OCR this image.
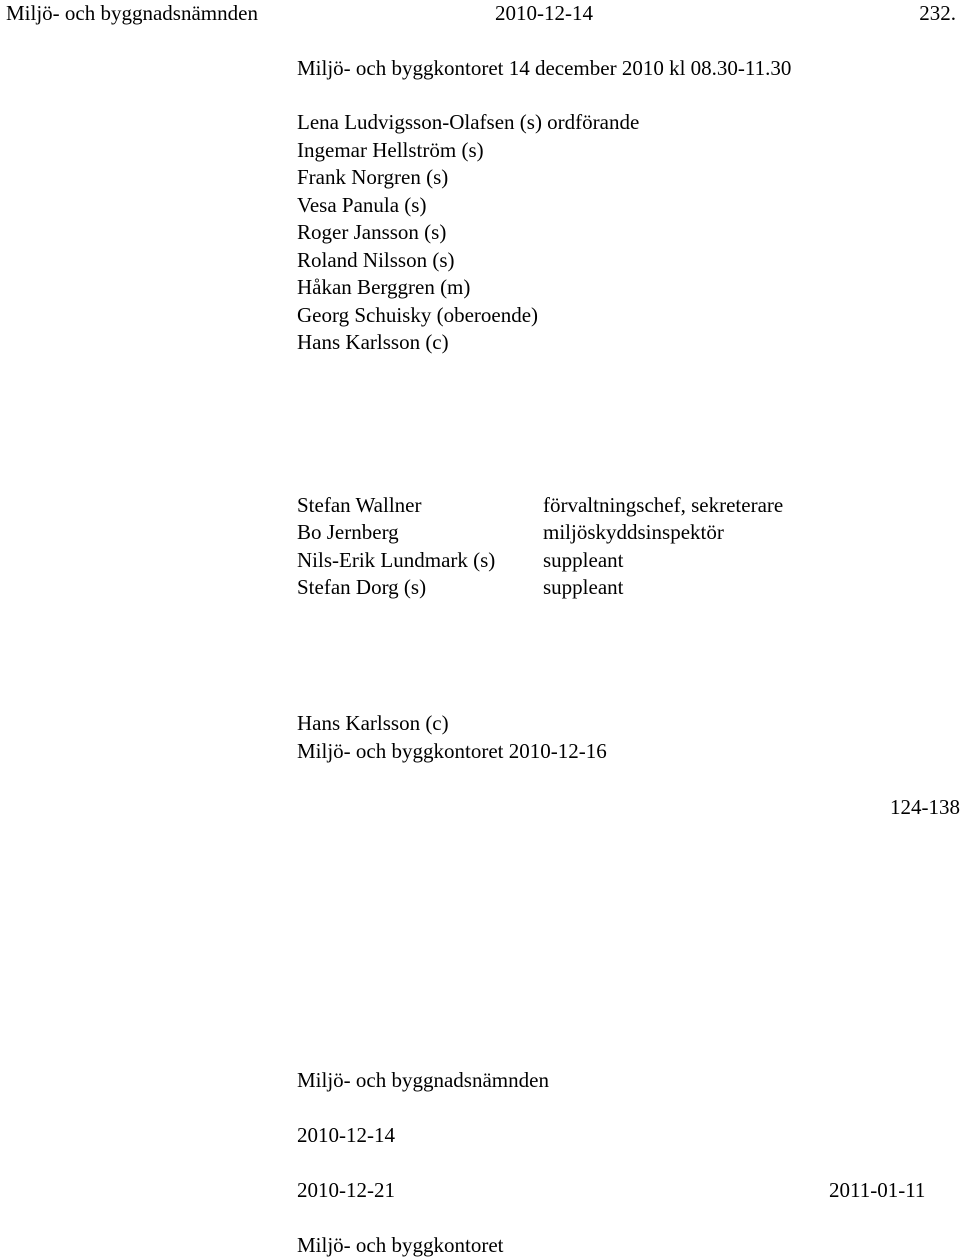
Miljö- och byggnadsnämnden	2010-12-14	232.
Miljö- och byggkontoret 14 december 2010 kl 08.30-11.30
Lena Ludvigsson-Olafsen (s) ordförande
Ingemar Hellström (s)
Frank Norgren (s)
Vesa Panula (s)
Roger Jansson (s)
Roland Nilsson (s)
Håkan Berggren (m)
Georg Schuisky (oberoende)
Hans Karlsson (c)
Stefan Wallner	förvaltningschef, sekreterare
Bo Jernberg	miljöskyddsinspektör
Nils-Erik Lundmark (s) suppleant
Stefan Dorg (s)	suppleant
Hans Karlsson (c)
Miljö- och byggkontoret 2010-12-16
124-138
Miljö- och byggnadsnämnden
2010-12-14
2010-12-21	2011-01-11
Miljö- och byggkontoret
